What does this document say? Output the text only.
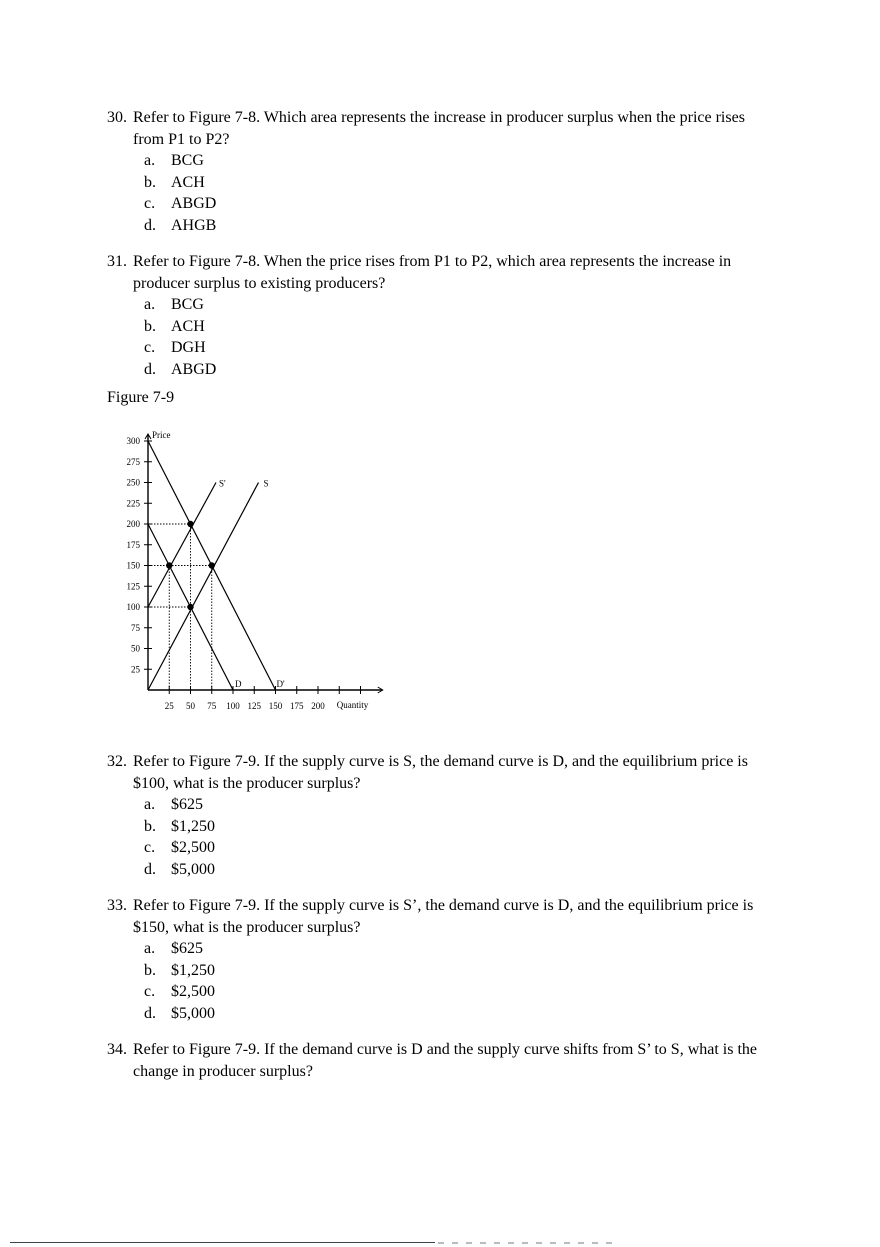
30. Refer to Figure 7-8. Which area represents the increase in producer surplus when the price rises from P1 to P2?
a. BCG
b. ACH
c. ABGD
d. AHGB
31. Refer to Figure 7-8. When the price rises from P1 to P2, which area represents the increase in producer surplus to existing producers?
a. BCG
b. ACH
c. DGH
d. ABGD
Figure 7-9
25
50
75
100
125
150
175
200
225
250
275
300
25 50 75 100 125 150 175 200
Price
Quantity
D	D'
S'	S
32. Refer to Figure 7-9. If the supply curve is S, the demand curve is D, and the equilibrium price is $100, what is the producer surplus?
a. $625
b. $1,250
c. $2,500
d. $5,000
33. Refer to Figure 7-9. If the supply curve is S’, the demand curve is D, and the equilibrium price is $150, what is the producer surplus?
a. $625
b. $1,250
c. $2,500
d. $5,000
34. Refer to Figure 7-9. If the demand curve is D and the supply curve shifts from S’ to S, what is the change in producer surplus?
